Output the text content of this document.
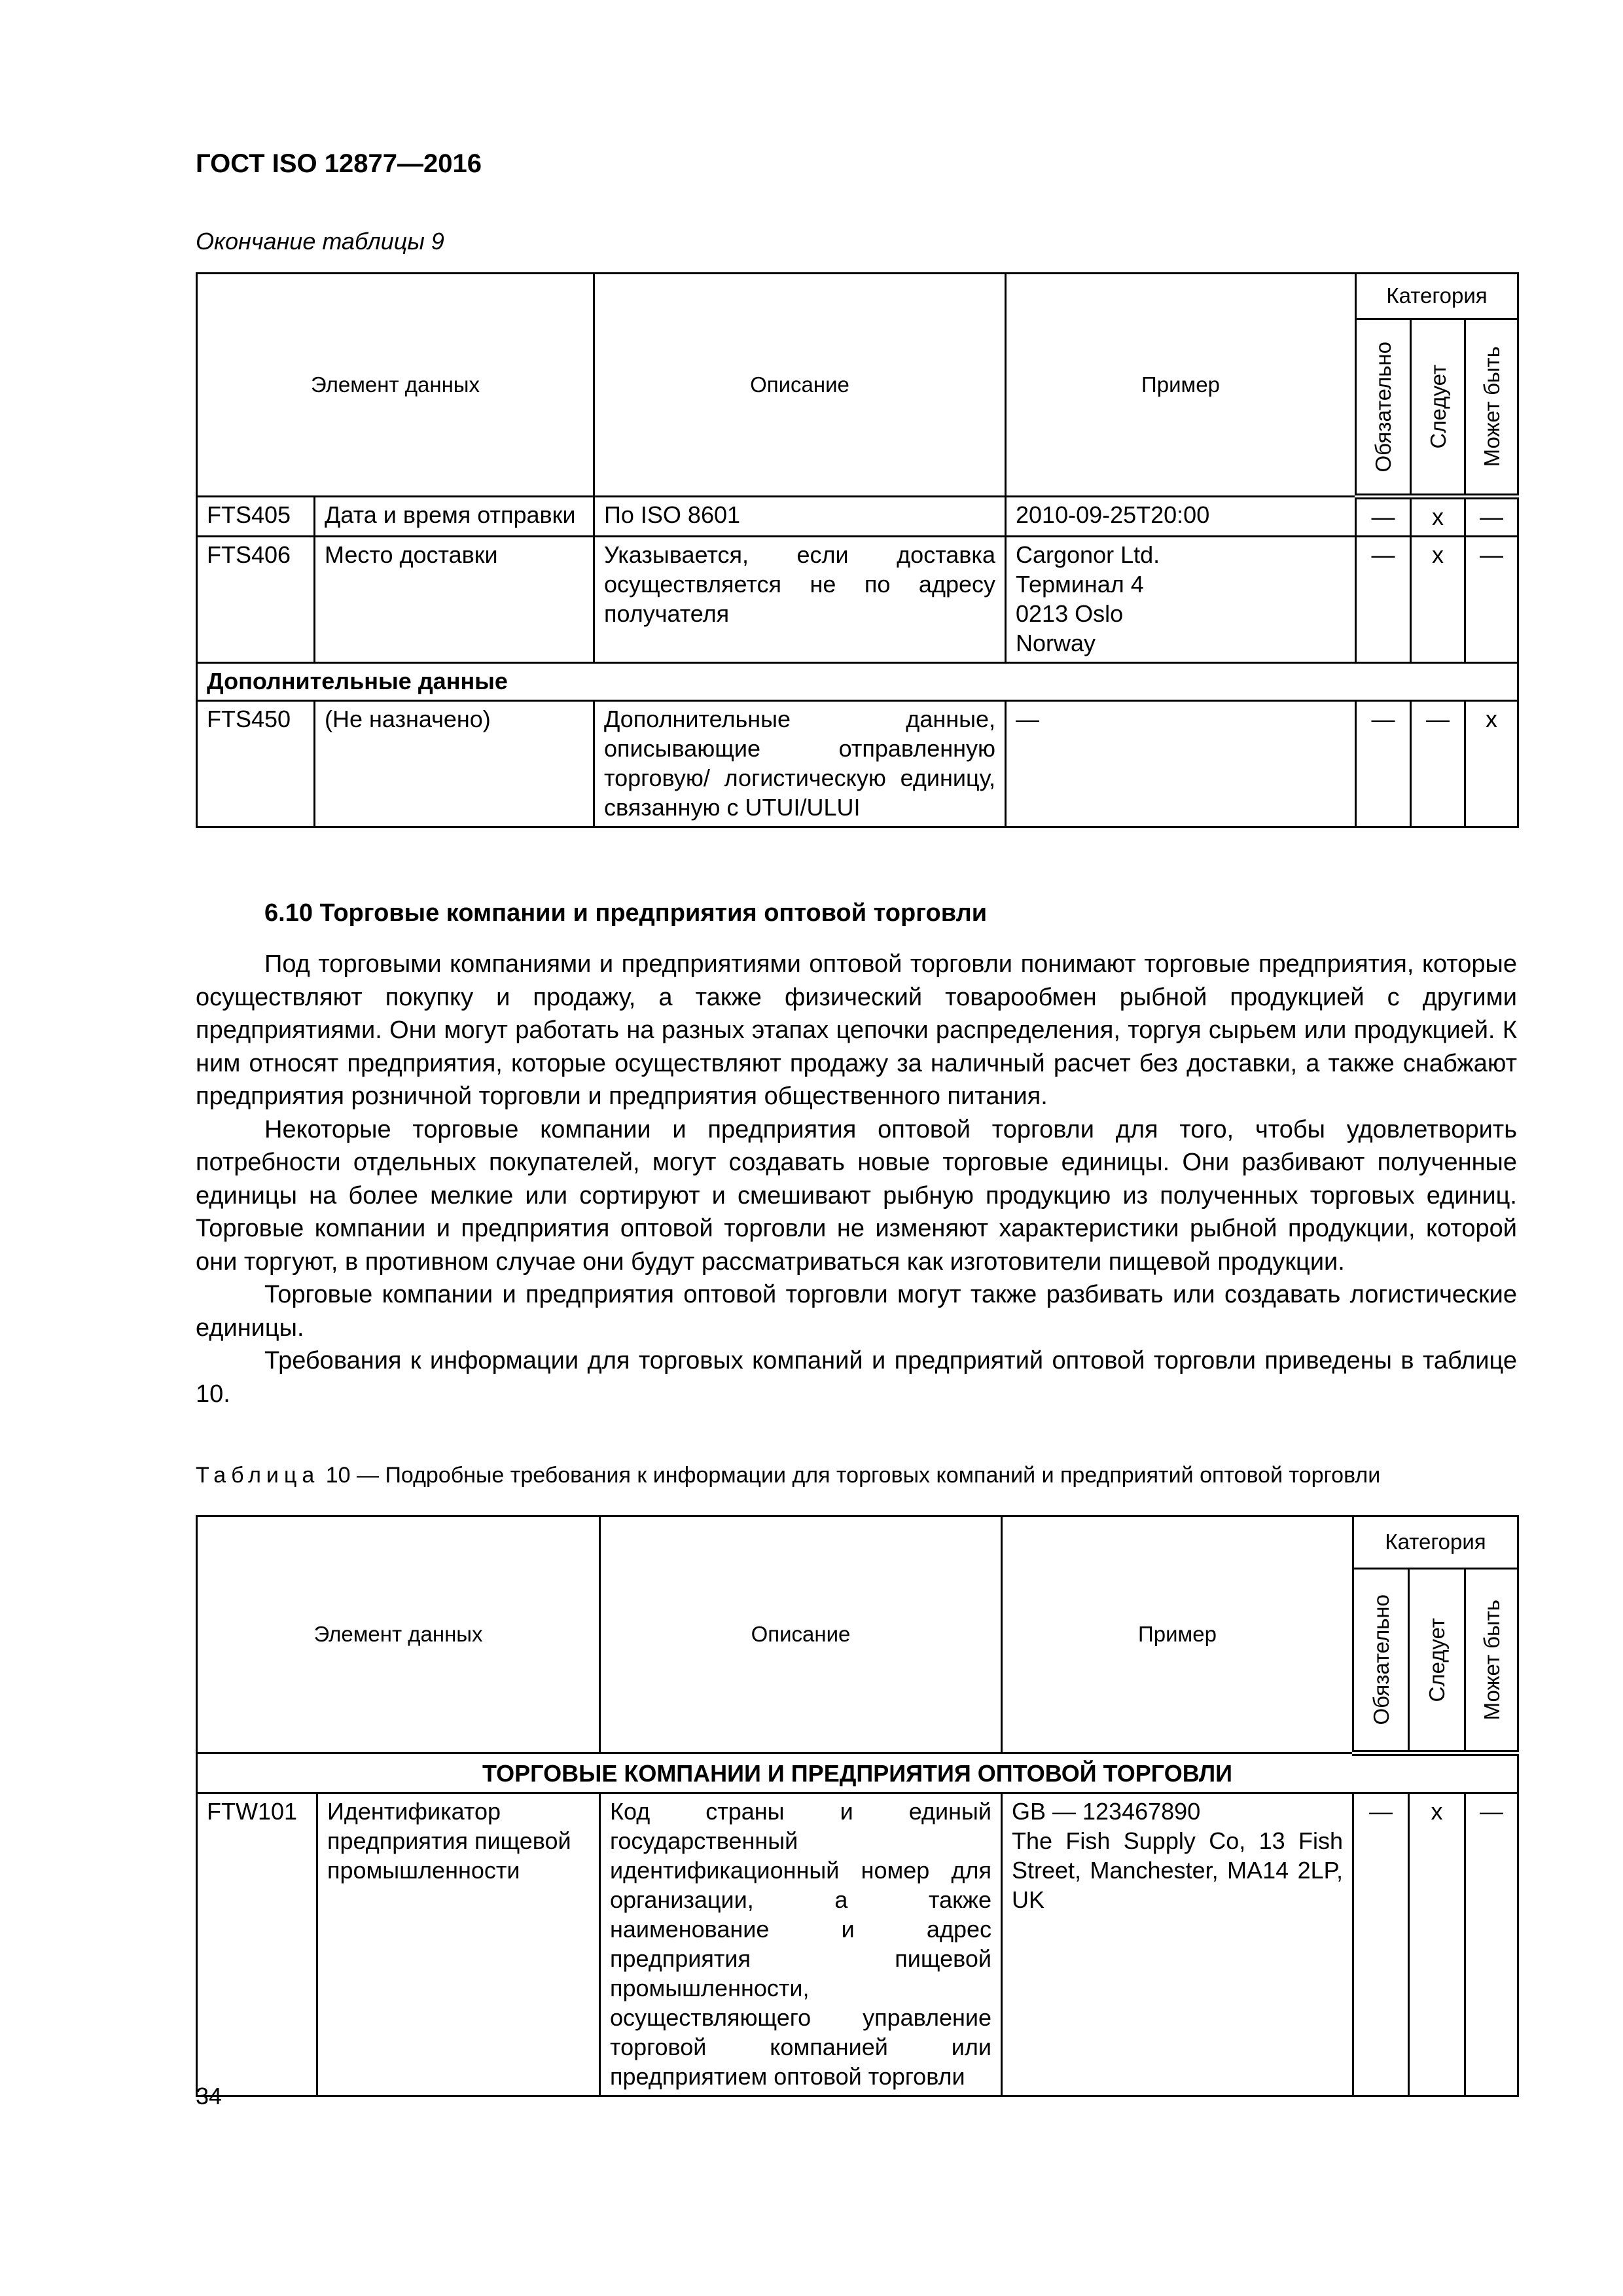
ГОСТ ISO 12877—2016
Окончание таблицы 9
Элемент данных		Описание	Пример	Категория		

				Обязательно	Следует	Может быть

FTS405	Дата и время отправки	По ISO 8601	2010-09-25T20:00	—	x	—
FTS406	Место доставки	Указывается, если доставка осуществляется не по адресу получателя	Cargonor Ltd.
Терминал 4
0213 Oslo
Norway	—	x	—
Дополнительные данные						
FTS450	(Не назначено)	Дополнительные данные, описывающие отправленную торговую/ логистическую единицу, связанную с UTUI/ULUI	—	—	—	x
6.10 Торговые компании и предприятия оптовой торговли

Под торговыми компаниями и предприятиями оптовой торговли понимают торговые предприятия, которые осуществляют покупку и продажу, а также физический товарообмен рыбной продукцией с другими предприятиями. Они могут работать на разных этапах цепочки распределения, торгуя сырьем или продукцией. К ним относят предприятия, которые осуществляют продажу за наличный расчет без доставки, а также снабжают предприятия розничной торговли и предприятия общественного питания.

Некоторые торговые компании и предприятия оптовой торговли для того, чтобы удовлетворить потребности отдельных покупателей, могут создавать новые торговые единицы. Они разбивают полученные единицы на более мелкие или сортируют и смешивают рыбную продукцию из полученных торговых единиц. Торговые компании и предприятия оптовой торговли не изменяют характеристики рыбной продукции, которой они торгуют, в противном случае они будут рассматриваться как изготовители пищевой продукции.

Торговые компании и предприятия оптовой торговли могут также разбивать или создавать логистические единицы.

Требования к информации для торговых компаний и предприятий оптовой торговли приведены в таблице 10.

Таблица 10 — Подробные требования к информации для торговых компаний и предприятий оптовой торговли
Элемент данных		Описание	Пример	Категория		

				Обязательно	Следует	Может быть

ТОРГОВЫЕ КОМПАНИИ И ПРЕДПРИЯТИЯ ОПТОВОЙ ТОРГОВЛИ						
FTW101	Идентификатор предприятия пищевой промышленности	Код страны и единый государственный идентификационный номер для организации, а также наименование и адрес предприятия пищевой промышленности, осуществляющего управление торговой компанией или предприятием оптовой торговли	GB — 123467890
The Fish Supply Co, 13 Fish Street, Manchester, MA14 2LP, UK	—	x	—
34
